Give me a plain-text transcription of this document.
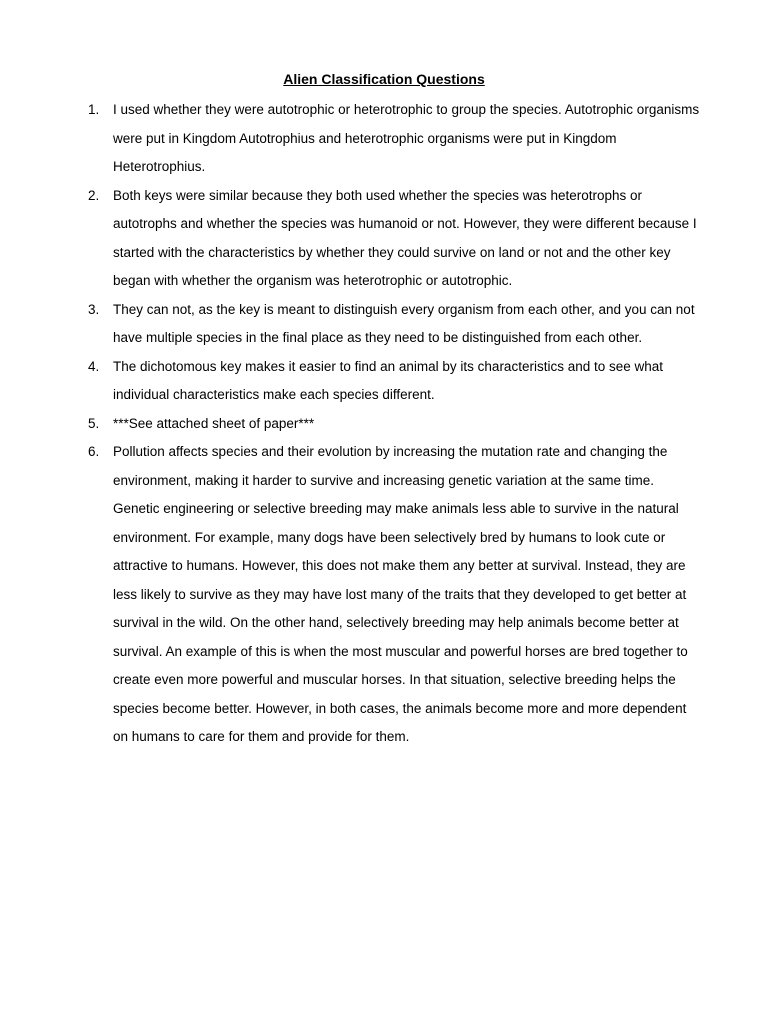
Alien Classification Questions
1.	I used whether they were autotrophic or heterotrophic to group the species. Autotrophic organisms were put in Kingdom Autotrophius and heterotrophic organisms were put in Kingdom Heterotrophius.
2.	Both keys were similar because they both used whether the species was heterotrophs or autotrophs and whether the species was humanoid or not. However, they were different because I started with the characteristics by whether they could survive on land or not and the other key began with whether the organism was heterotrophic or autotrophic.
3.	They can not, as the key is meant to distinguish every organism from each other, and you can not have multiple species in the final place as they need to be distinguished from each other.
4.	The dichotomous key makes it easier to find an animal by its characteristics and to see what individual characteristics make each species different.
5.	***See attached sheet of paper***
6.	Pollution affects species and their evolution by increasing the mutation rate and changing the environment, making it harder to survive and increasing genetic variation at the same time. Genetic engineering or selective breeding may make animals less able to survive in the natural environment. For example, many dogs have been selectively bred by humans to look cute or attractive to humans. However, this does not make them any better at survival. Instead, they are less likely to survive as they may have lost many of the traits that they developed to get better at survival in the wild. On the other hand, selectively breeding may help animals become better at survival. An example of this is when the most muscular and powerful horses are bred together to create even more powerful and muscular horses. In that situation, selective breeding helps the species become better. However, in both cases, the animals become more and more dependent on humans to care for them and provide for them.
